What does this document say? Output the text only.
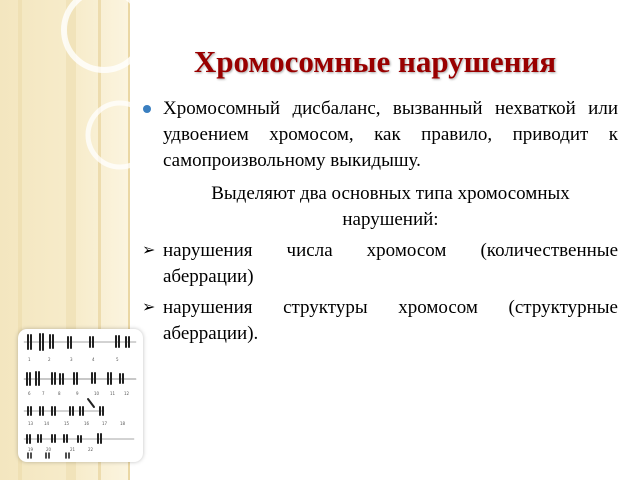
Хромосомные нарушения
Хромосомный дисбаланс, вызванный нехваткой или удвоением хромосом, как правило, приводит к самопроизвольному выкидышу.
Выделяют два основных типа хромосомных нарушений:
➢ нарушения числа хромосом (количественные аберрации)
➢ нарушения структуры хромосом (структурные аберрации).
1	2	3	4	5
6	7	8	9	10	11 12
13	14	15	16	17	18
19	20	21	22
